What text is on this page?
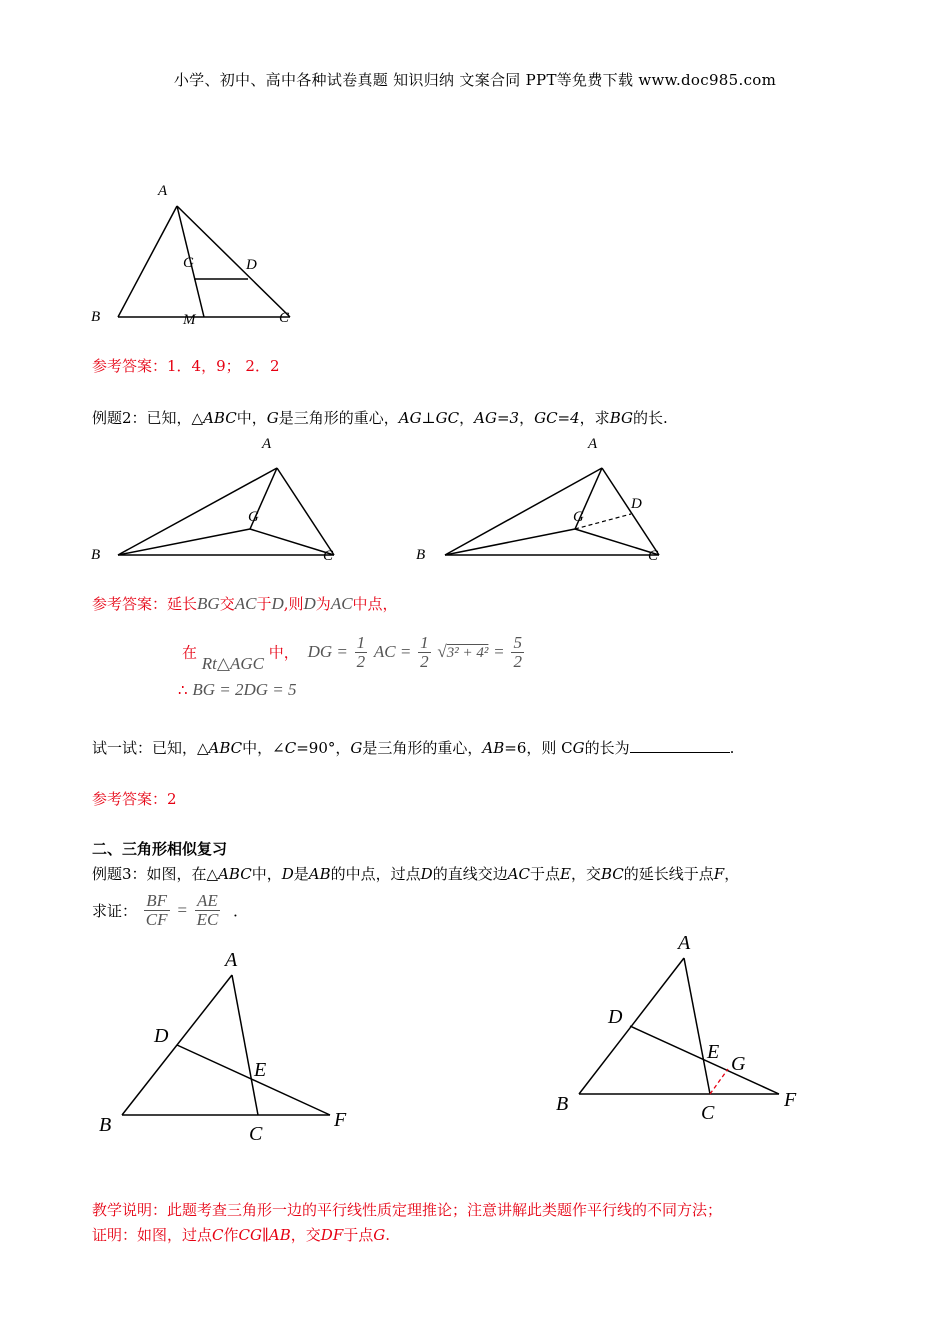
小学、初中、高中各种试卷真题 知识归纳 文案合同 PPT等免费下载 www.doc985.com
A
G	D
B	M	C
参考答案：1．4，9； 2．2
例题2：已知，△ABC中，G是三角形的重心，AG⊥GC，AG=3，GC=4，求BG的长.
A
G
B	C
A
D
G
B	C
参考答案：延长BG交AC于D,则D为AC中点，
在 Rt△AGC 中， DG = $\frac{1}{2}$ AC = $\frac{1}{2} √3^2 + 4^2 = \frac{5}{2}$
∴ BG = 2DG = 5
试一试：已知，△ABC中，∠C=90°，G是三角形的重心，AB=6，则 CG的长为	.
参考答案：2
二、三角形相似复习
例题3：如图，在△ABC中，D是AB的中点，过点D的直线交边AC于点E，交BC的延长线于点F，
求证： $\frac{BF}{CF} = \frac{AE}{EC}$ ．
A
D
E
B	C
F
A
D
E
G
B	C
F
教学说明：此题考查三角形一边的平行线性质定理推论；注意讲解此类题作平行线的不同方法；
证明：如图，过点C作CG∥AB，交DF于点G.
